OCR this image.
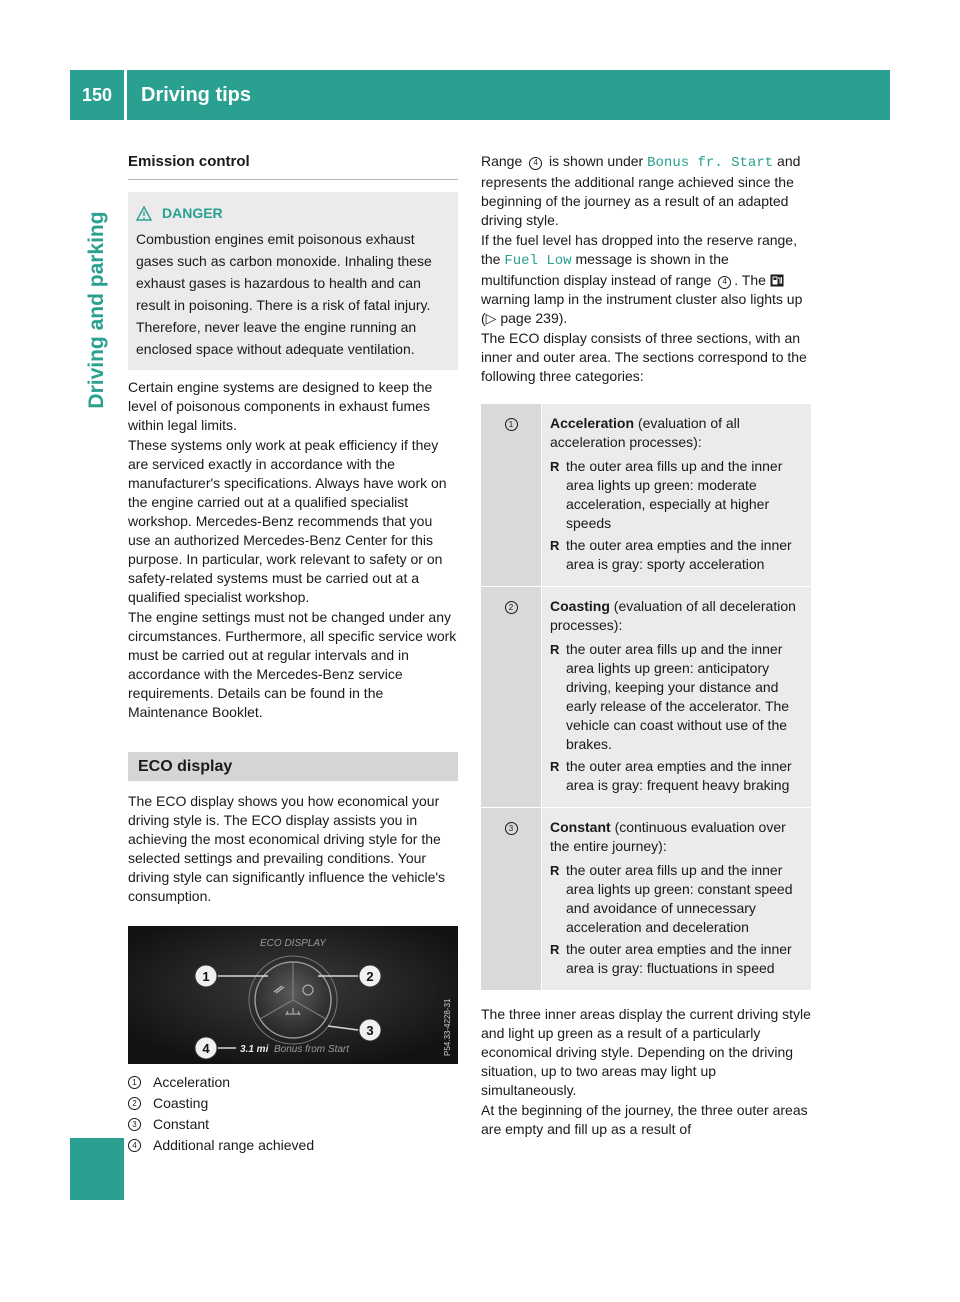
150	Driving tips
Driving and parking
Emission control
DANGER
Combustion engines emit poisonous exhaust gases such as carbon monoxide. Inhaling these exhaust gases is hazardous to health and can result in poisoning. There is a risk of fatal injury. Therefore, never leave the engine running an enclosed space without adequate ventilation.

Certain engine systems are designed to keep the level of poisonous components in exhaust fumes within legal limits.

These systems only work at peak efficiency if they are serviced exactly in accordance with the manufacturer's specifications. Always have work on the engine carried out at a qualified specialist workshop. Mercedes-Benz recommends that you use an authorized Mercedes-Benz Center for this purpose. In particular, work relevant to safety or on safety-related systems must be carried out at a qualified specialist workshop.

The engine settings must not be changed under any circumstances. Furthermore, all specific service work must be carried out at regular intervals and in accordance with the Mercedes-Benz service requirements. Details can be found in the Maintenance Booklet.

ECO display

The ECO display shows you how economical your driving style is. The ECO display assists you in achieving the most economical driving style for the selected settings and prevailing conditions. Your driving style can significantly influence the vehicle's consumption.

ECO DISPLAY
1	2
3
4	3.1 mi Bonus from Start	P54.33-4228-31
1	Acceleration
2	Coasting
3	Constant
4	Additional range achieved

Range 4 is shown under Bonus fr. Start and represents the additional range achieved since the beginning of the journey as a result of an adapted driving style.

If the fuel level has dropped into the reserve range, the Fuel Low message is shown in the multifunction display instead of range 4 . The warning lamp in the instrument cluster also lights up (▷ page 239).

The ECO display consists of three sections, with an inner and outer area. The sections correspond to the following three categories:

1	Acceleration (evaluation of all acceleration processes):
R the outer area fills up and the inner area lights up green: moderate acceleration, especially at higher speeds
R the outer area empties and the inner area is gray: sporty acceleration
2	Coasting (evaluation of all deceleration processes):
R the outer area fills up and the inner area lights up green: anticipatory driving, keeping your distance and early release of the accelerator. The vehicle can coast without use of the brakes.
R the outer area empties and the inner area is gray: frequent heavy braking
3	Constant (continuous evaluation over the entire journey):
R the outer area fills up and the inner area lights up green: constant speed and avoidance of unnecessary acceleration and deceleration
R the outer area empties and the inner area is gray: fluctuations in speed

The three inner areas display the current driving style and light up green as a result of a particularly economical driving style. Depending on the driving situation, up to two areas may light up simultaneously.

At the beginning of the journey, the three outer areas are empty and fill up as a result of
